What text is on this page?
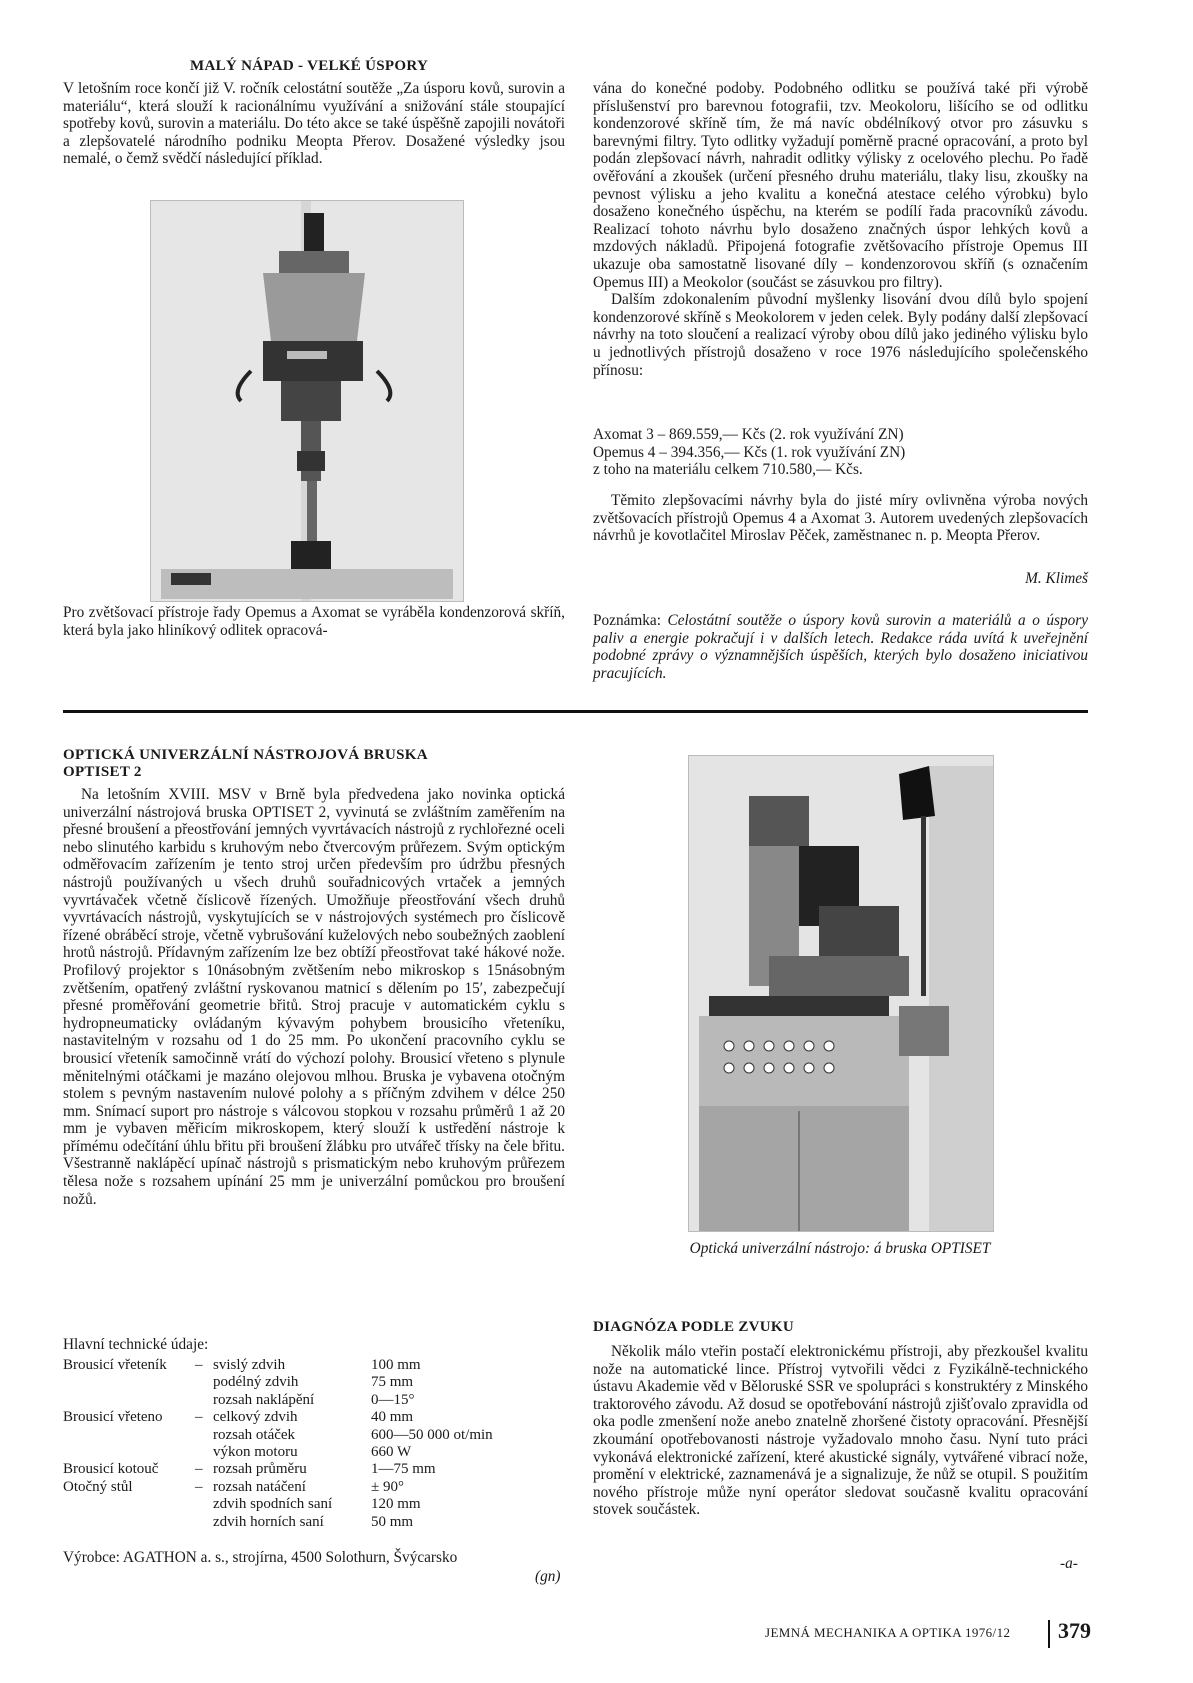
MALÝ NÁPAD - VELKÉ ÚSPORY

V letošním roce končí již V. ročník celostátní soutěže „Za úsporu kovů, surovin a materiálu“, která slouží k racionálnímu využívání a snižování stále stoupající spotřeby kovů, surovin a materiálu. Do této akce se také úspěšně zapojili novátoři a zlepšovatelé národního podniku Meopta Přerov. Dosažené výsledky jsou nemalé, o čemž svědčí následující příklad.

Pro zvětšovací přístroje řady Opemus a Axomat se vyráběla kondenzorová skříň, která byla jako hliníkový odlitek opracová-

vána do konečné podoby. Podobného odlitku se používá také při výrobě příslušenství pro barevnou fotografii, tzv. Meokoloru, lišícího se od odlitku kondenzorové skříně tím, že má navíc obdélníkový otvor pro zásuvku s barevnými filtry. Tyto odlitky vyžadují poměrně pracné opracování, a proto byl podán zlepšovací návrh, nahradit odlitky výlisky z ocelového plechu. Po řadě ověřování a zkoušek (určení přesného druhu materiálu, tlaky lisu, zkoušky na pevnost výlisku a jeho kvalitu a konečná atestace celého výrobku) bylo dosaženo konečného úspěchu, na kterém se podílí řada pracovníků závodu. Realizací tohoto návrhu bylo dosaženo značných úspor lehkých kovů a mzdových nákladů. Připojená fotografie zvětšovacího přístroje Opemus III ukazuje oba samostatně lisované díly – kondenzorovou skříň (s označením Opemus III) a Meokolor (součást se zásuvkou pro filtry).

Dalším zdokonalením původní myšlenky lisování dvou dílů bylo spojení kondenzorové skříně s Meokolorem v jeden celek. Byly podány další zlepšovací návrhy na toto sloučení a realizací výroby obou dílů jako jediného výlisku bylo u jednotlivých přístrojů dosaženo v roce 1976 následujícího společenského přínosu:

Axomat 3 – 869.559,— Kčs (2. rok využívání ZN)
Opemus 4 – 394.356,— Kčs (1. rok využívání ZN)
z toho na materiálu celkem 710.580,— Kčs.

Těmito zlepšovacími návrhy byla do jisté míry ovlivněna výroba nových zvětšovacích přístrojů Opemus 4 a Axomat 3. Autorem uvedených zlepšovacích návrhů je kovotlačitel Miroslav Pěček, zaměstnanec n. p. Meopta Přerov.

M. Klimeš

Poznámka: Celostátní soutěže o úspory kovů surovin a materiálů a o úspory paliv a energie pokračují i v dalších letech. Redakce ráda uvítá k uveřejnění podobné zprávy o významnějších úspěších, kterých bylo dosaženo iniciativou pracujících.

OPTICKÁ UNIVERZÁLNÍ NÁSTROJOVÁ BRUSKA
OPTISET 2

Na letošním XVIII. MSV v Brně byla předvedena jako novinka optická univerzální nástrojová bruska OPTISET 2, vyvinutá se zvláštním zaměřením na přesné broušení a přeostřování jemných vyvrtávacích nástrojů z rychlořezné oceli nebo slinutého karbidu s kruhovým nebo čtvercovým průřezem. Svým optickým odměřovacím zařízením je tento stroj určen především pro údržbu přesných nástrojů používaných u všech druhů souřadnicových vrtaček a jemných vyvrtávaček včetně číslicově řízených. Umožňuje přeostřování všech druhů vyvrtávacích nástrojů, vyskytujících se v nástrojových systémech pro číslicově řízené obráběcí stroje, včetně vybrušování kuželových nebo soubežných zaoblení hrotů nástrojů. Přídavným zařízením lze bez obtíží přeostřovat také hákové nože. Profilový projektor s 10násobným zvětšením nebo mikroskop s 15násobným zvětšením, opatřený zvláštní ryskovanou matnicí s dělením po 15′, zabezpečují přesné proměřování geometrie břitů. Stroj pracuje v automatickém cyklu s hydropneumaticky ovládaným kývavým pohybem brousicího vřeteníku, nastavitelným v rozsahu od 1 do 25 mm. Po ukončení pracovního cyklu se brousicí vřeteník samočinně vrátí do výchozí polohy. Brousicí vřeteno s plynule měnitelnými otáčkami je mazáno olejovou mlhou. Bruska je vybavena otočným stolem s pevným nastavením nulové polohy a s příčným zdvihem v délce 250 mm. Snímací suport pro nástroje s válcovou stopkou v rozsahu průměrů 1 až 20 mm je vybaven měřicím mikroskopem, který slouží k ustředění nástroje k přímému odečítání úhlu břitu při broušení žlábku pro utvářeč třísky na čele břitu. Všestranně naklápěcí upínač nástrojů s prismatickým nebo kruhovým průřezem tělesa nože s rozsahem upínání 25 mm je univerzální pomůckou pro broušení nožů.

Hlavní technické údaje:
Brousicí vřeteník	–	svislý zdvih	100 mm
		podélný zdvih	75 mm
		rozsah naklápění	0—15°
Brousicí vřeteno	–	celkový zdvih	40 mm
		rozsah otáček	600—50 000 ot/min
		výkon motoru	660 W
Brousicí kotouč	–	rozsah průměru	1—75 mm
Otočný stůl	–	rozsah natáčení	± 90°
		zdvih spodních saní	120 mm
		zdvih horních saní	50 mm
Výrobce: AGATHON a. s., strojírna, 4500 Solothurn, Švýcarsko
(gn)
Optická univerzální nástrojo: á bruska OPTISET
DIAGNÓZA PODLE ZVUKU

Několik málo vteřin postačí elektronickému přístroji, aby přezkoušel kvalitu nože na automatické lince. Přístroj vytvořili vědci z Fyzikálně-technického ústavu Akademie věd v Běloruské SSR ve spolupráci s konstruktéry z Minského traktorového závodu. Až dosud se opotřebování nástrojů zjišťovalo zpravidla od oka podle zmenšení nože anebo znatelně zhoršené čistoty opracování. Přesnější zkoumání opotřebovanosti nástroje vyžadovalo mnoho času. Nyní tuto práci vykonává elektronické zařízení, které akustické signály, vytvářené vibrací nože, promění v elektrické, zaznamenává je a signalizuje, že nůž se otupil. S použitím nového přístroje může nyní operátor sledovat současně kvalitu opracování stovek součástek.

-a-
JEMNÁ MECHANIKA A OPTIKA 1976/12 379
